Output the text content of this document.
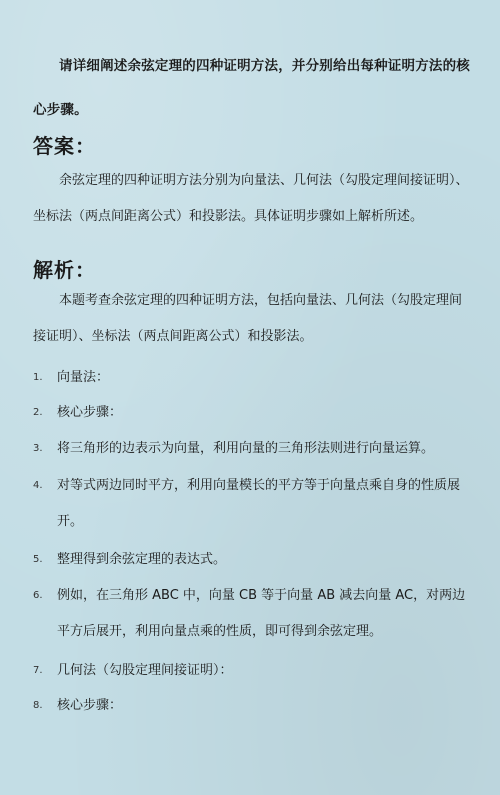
请详细阐述余弦定理的四种证明方法，并分别给出每种证明方法的核心步骤。
答案：
余弦定理的四种证明方法分别为向量法、几何法（勾股定理间接证明）、坐标法（两点间距离公式）和投影法。具体证明步骤如上解析所述。
解析：
本题考查余弦定理的四种证明方法，包括向量法、几何法（勾股定理间接证明）、坐标法（两点间距离公式）和投影法。
1.	向量法：
2.	核心步骤：
3.	将三角形的边表示为向量，利用向量的三角形法则进行向量运算。
4.	对等式两边同时平方，利用向量模长的平方等于向量点乘自身的性质展开。
5.	整理得到余弦定理的表达式。
6.	例如，在三角形 ABC 中，向量 CB 等于向量 AB 减去向量 AC，对两边平方后展开，利用向量点乘的性质，即可得到余弦定理。
7.	几何法（勾股定理间接证明）：
8.	核心步骤：
